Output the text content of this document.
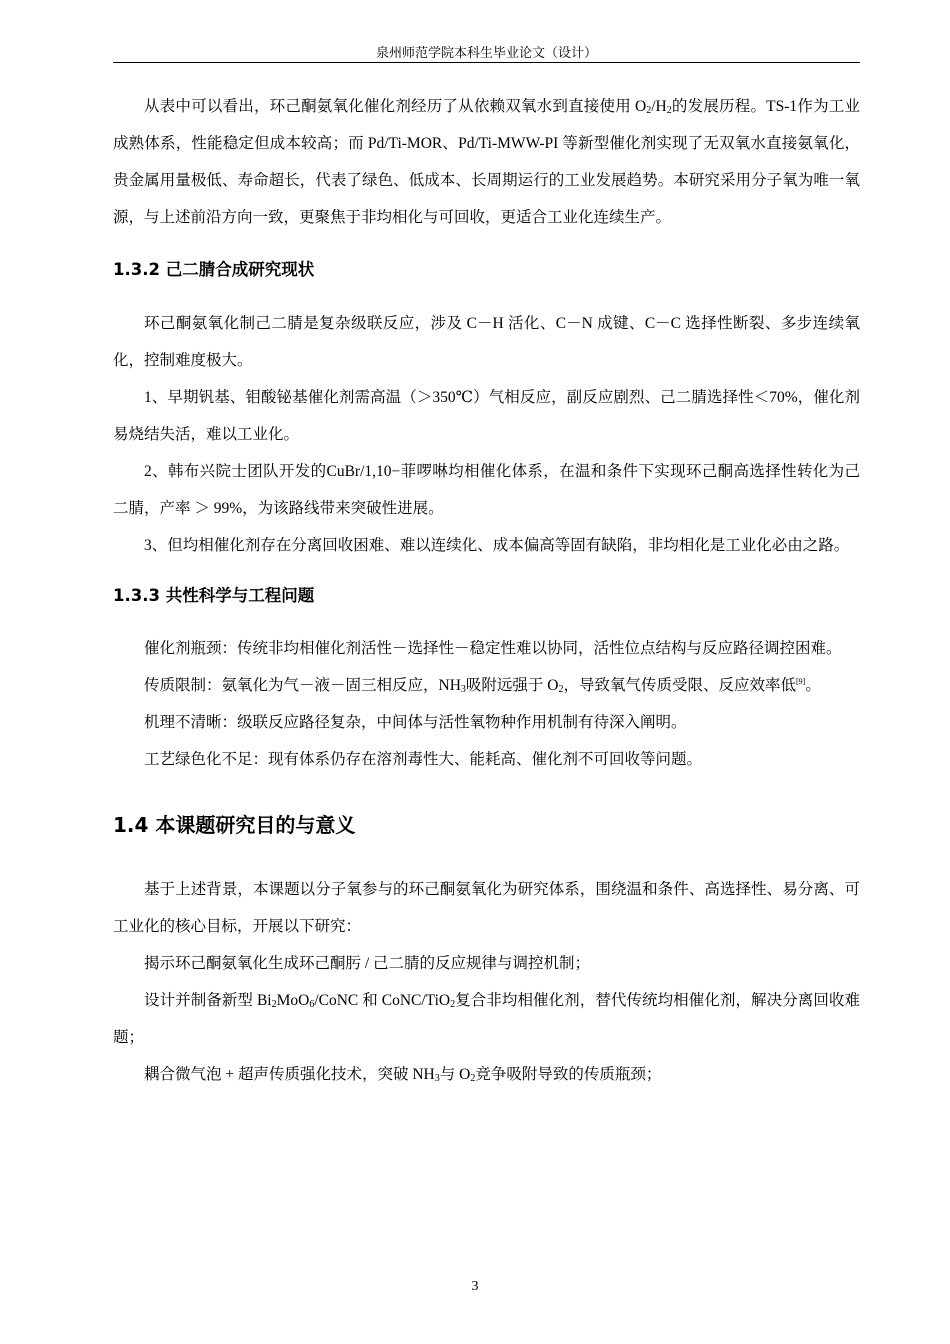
泉州师范学院本科生毕业论文（设计）

从表中可以看出，环己酮氨氧化催化剂经历了从依赖双氧水到直接使用 $O_2/H_2$的发展历程。TS-1作为工业成熟体系，性能稳定但成本较高；而 Pd/Ti-MOR、Pd/Ti-MWW-PI 等新型催化剂实现了无双氧水直接氨氧化，贵金属用量极低、寿命超长，代表了绿色、低成本、长周期运行的工业发展趋势。本研究采用分子氧为唯一氧源，与上述前沿方向一致，更聚焦于非均相化与可回收，更适合工业化连续生产。

1.3.2 己二腈合成研究现状

环己酮氨氧化制己二腈是复杂级联反应，涉及 C－H 活化、C－N 成键、C－C 选择性断裂、多步连续氧化，控制难度极大。

1、早期钒基、钼酸铋基催化剂需高温（＞350℃）气相反应，副反应剧烈、己二腈选择性＜70%，催化剂易烧结失活，难以工业化。

2、韩布兴院士团队开发的CuBr/1,10−菲啰啉均相催化体系，在温和条件下实现环己酮高选择性转化为己二腈，产率 ＞ 99%，为该路线带来突破性进展。

3、但均相催化剂存在分离回收困难、难以连续化、成本偏高等固有缺陷，非均相化是工业化必由之路。

1.3.3 共性科学与工程问题

催化剂瓶颈：传统非均相催化剂活性－选择性－稳定性难以协同，活性位点结构与反应路径调控困难。

传质限制：氨氧化为气－液－固三相反应，$NH_3$吸附远强于 $O_2$，导致氧气传质受限、反应效率低[9]。

机理不清晰：级联反应路径复杂，中间体与活性氧物种作用机制有待深入阐明。

工艺绿色化不足：现有体系仍存在溶剂毒性大、能耗高、催化剂不可回收等问题。

1.4 本课题研究目的与意义

基于上述背景，本课题以分子氧参与的环己酮氨氧化为研究体系，围绕温和条件、高选择性、易分离、可工业化的核心目标，开展以下研究：

揭示环己酮氨氧化生成环己酮肟 / 己二腈的反应规律与调控机制；

设计并制备新型 $Bi_2MoO_6$/CoNC 和 CoNC/TiO$_2$复合非均相催化剂，替代传统均相催化剂，解决分离回收难题；

耦合微气泡 + 超声传质强化技术，突破 $NH_3$与 $O_2$竞争吸附导致的传质瓶颈；

3
